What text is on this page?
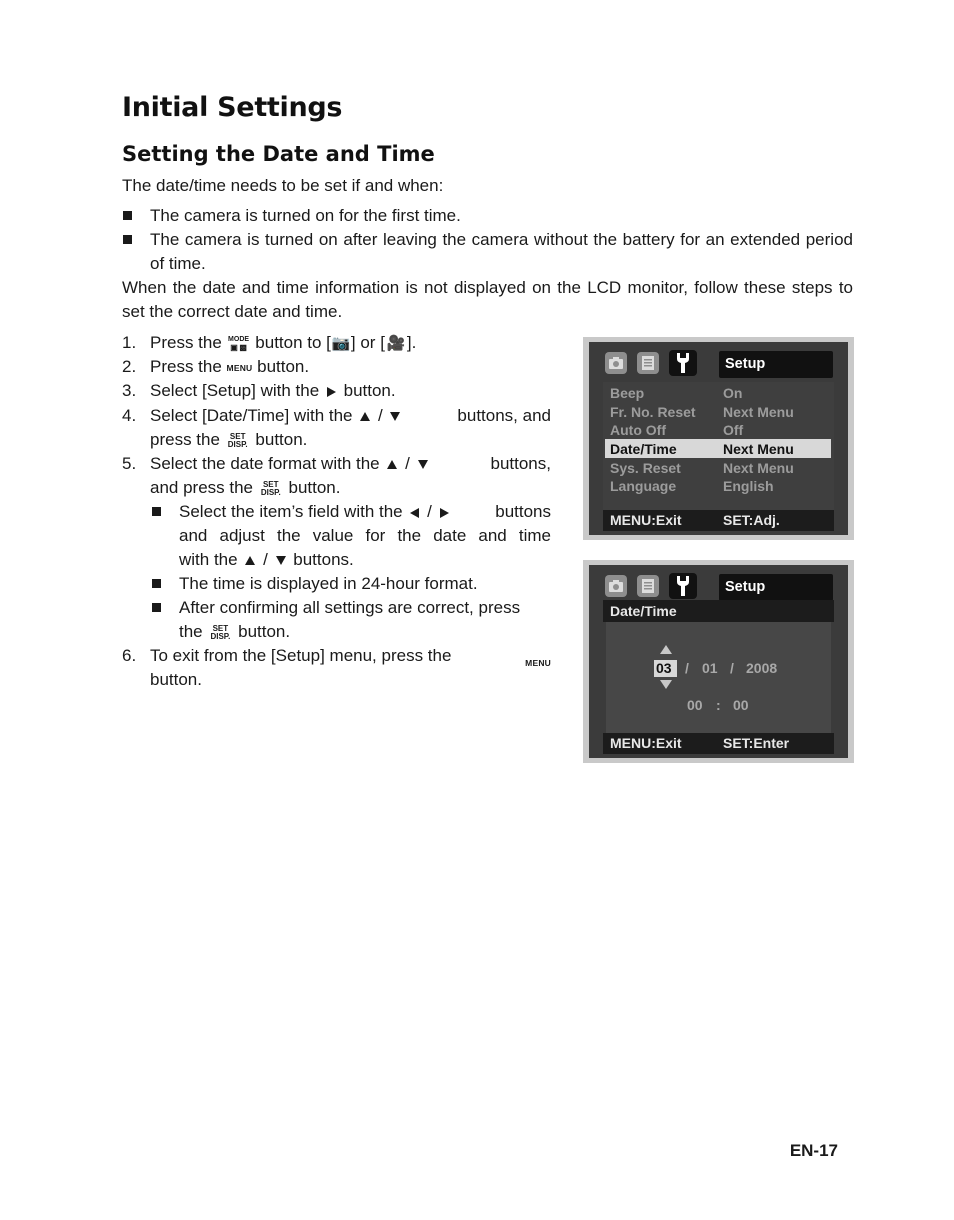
Initial Settings
Setting the Date and Time
The date/time needs to be set if and when:
The camera is turned on for the first time.
The camera is turned on after leaving the camera without the battery for an extended period of time.
When the date and time information is not displayed on the LCD monitor, follow these steps to set the correct date and time.
1. Press the MODE
▣ ▩ button to [📷] or [ 🎥].
2. Press the MENU button.
3. Select [Setup] with the button.
4. Select [Date/Time] with the /	buttons, and
press the	SET
DISP. button.
5. Select the date format with the /	buttons,
and press the	SET
DISP. button.
Select the item’s field with the /	buttons
and adjust the value for the date and time
with the / buttons.
The time is displayed in 24-hour format.
After confirming all settings are correct, press
the	SET
DISP. button.
6. To exit from the [Setup] menu, press the	MENU
button.
Setup
Beep	On
Fr. No. Reset Next Menu
Auto Off	Off
Date/Time	Next Menu
Sys. Reset	Next Menu
Language	English
MENU:Exit	SET:Adj.
Setup
Date/Time
03 / 01 / 2008
00 : 00
MENU:Exit	SET:Enter
EN-17
